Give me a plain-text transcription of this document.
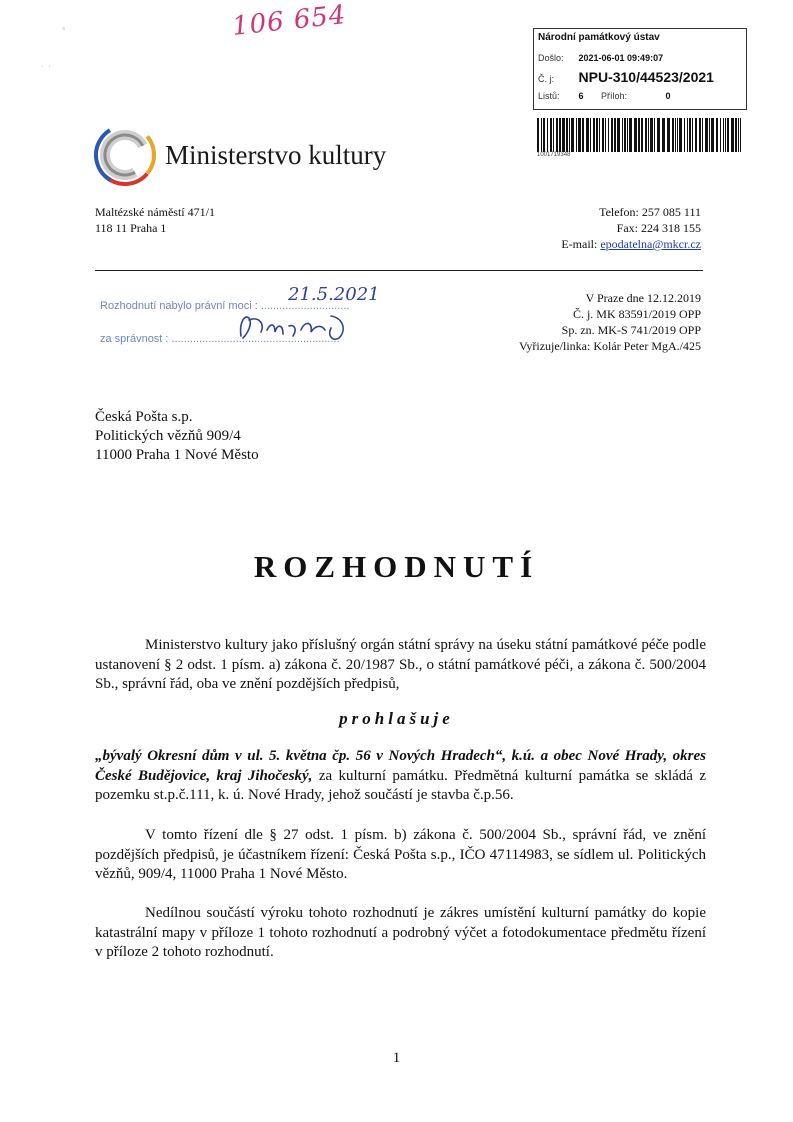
106 654
ˢ
˙ ˙
Národní památkový ústav
Došlo: 2021-06-01 09:49:07
Č. j: NPU-310/44523/2021
Listů: 6 Příloh:	0
1001719348
Ministerstvo kultury
Maltézské náměstí 471/1
118 11 Praha 1
Telefon: 257 085 111
Fax: 224 318 155
E-mail: epodatelna@mkcr.cz
Rozhodnutí nabylo právní moci : .............................
21.5.2021
za správnost : .......................................................
V Praze dne 12.12.2019
Č. j. MK 83591/2019 OPP
Sp. zn. MK-S 741/2019 OPP
Vyřizuje/linka: Kolár Peter MgA./425
Česká Pošta s.p.
Politických vězňů 909/4
11000 Praha 1 Nové Město
ROZHODNUTÍ
Ministerstvo kultury jako příslušný orgán státní správy na úseku státní památkové péče podle ustanovení § 2 odst. 1 písm. a) zákona č. 20/1987 Sb., o státní památkové péči, a zákona č. 500/2004 Sb., správní řád, oba ve znění pozdějších předpisů,
prohlašuje
„bývalý Okresní dům v ul. 5. května čp. 56 v Nových Hradech“, k.ú. a obec Nové Hrady, okres České Budějovice, kraj Jihočeský, za kulturní památku. Předmětná kulturní památka se skládá z pozemku st.p.č.111, k. ú. Nové Hrady, jehož součástí je stavba č.p.56.
V tomto řízení dle § 27 odst. 1 písm. b) zákona č. 500/2004 Sb., správní řád, ve znění pozdějších předpisů, je účastníkem řízení: Česká Pošta s.p., IČO 47114983, se sídlem ul. Politických vězňů, 909/4, 11000 Praha 1 Nové Město.
Nedílnou součástí výroku tohoto rozhodnutí je zákres umístění kulturní památky do kopie katastrální mapy v příloze 1 tohoto rozhodnutí a podrobný výčet a fotodokumentace předmětu řízení v příloze 2 tohoto rozhodnutí.
1
